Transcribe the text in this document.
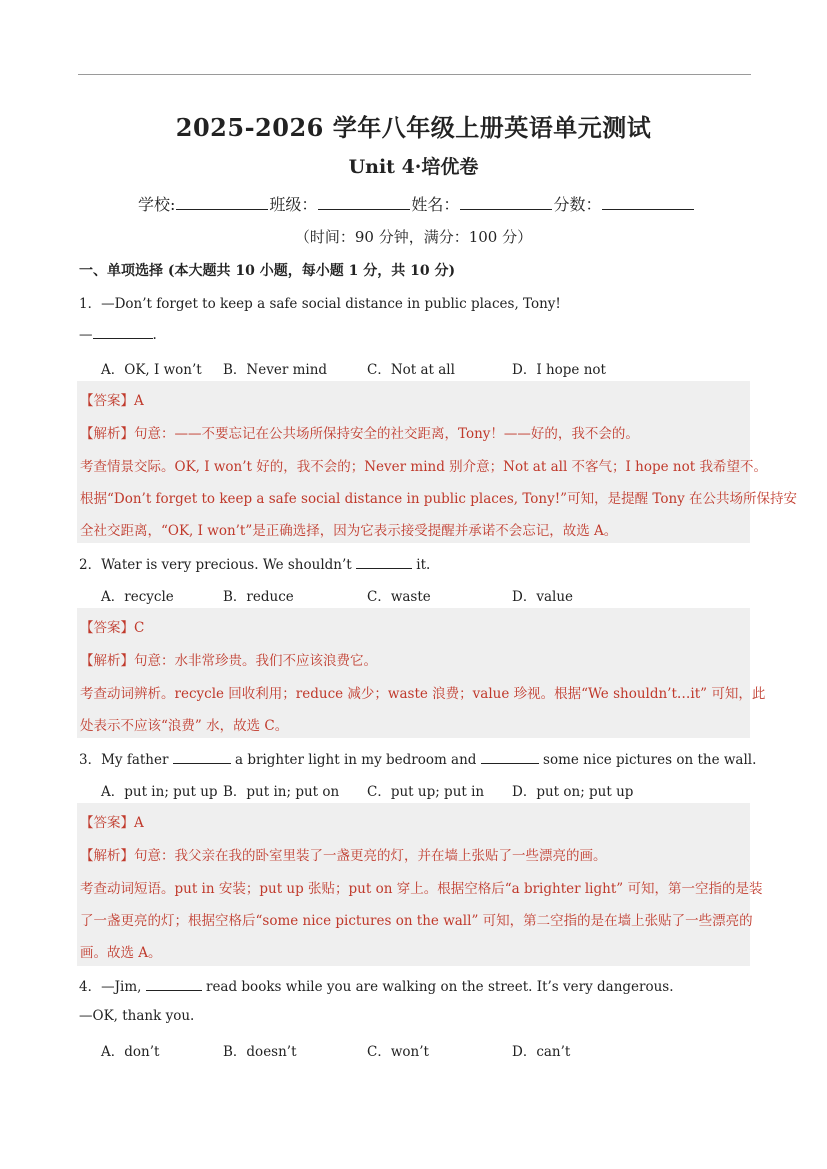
2025-2026 学年八年级上册英语单元测试
Unit 4·培优卷
学校:	班级：	姓名：	分数：
（时间：90 分钟，满分：100 分）
一、单项选择 (本大题共 10 小题，每小题 1 分，共 10 分)
1．—Don’t forget to keep a safe social distance in public places, Tony!
—	.
A．OK, I won’t B．Never mind	C．Not at all	D．I hope not
【答案】A
【解析】句意：——不要忘记在公共场所保持安全的社交距离，Tony！——好的，我不会的。
考查情景交际。OK, I won’t 好的，我不会的；Never mind 别介意；Not at all 不客气；I hope not 我希望不。
根据“Don’t forget to keep a safe social distance in public places, Tony!”可知，是提醒 Tony 在公共场所保持安
全社交距离，“OK, I won’t”是正确选择，因为它表示接受提醒并承诺不会忘记，故选 A。
2．Water is very precious. We shouldn’t	it.
A．recycle	B．reduce	C．waste	D．value
【答案】C
【解析】句意：水非常珍贵。我们不应该浪费它。
考查动词辨析。recycle 回收利用；reduce 减少；waste 浪费；value 珍视。根据“We shouldn’t…it” 可知，此
处表示不应该“浪费” 水，故选 C。
3．My father	a brighter light in my bedroom and	some nice pictures on the wall.
A．put in; put up B．put in; put on C．put up; put in D．put on; put up
【答案】A
【解析】句意：我父亲在我的卧室里装了一盏更亮的灯，并在墙上张贴了一些漂亮的画。
考查动词短语。put in 安装；put up 张贴；put on 穿上。根据空格后“a brighter light” 可知，第一空指的是装
了一盏更亮的灯；根据空格后“some nice pictures on the wall” 可知，第二空指的是在墙上张贴了一些漂亮的
画。故选 A。
4．—Jim,	read books while you are walking on the street. It’s very dangerous.
—OK, thank you.
A．don’t	B．doesn’t	C．won’t	D．can’t
